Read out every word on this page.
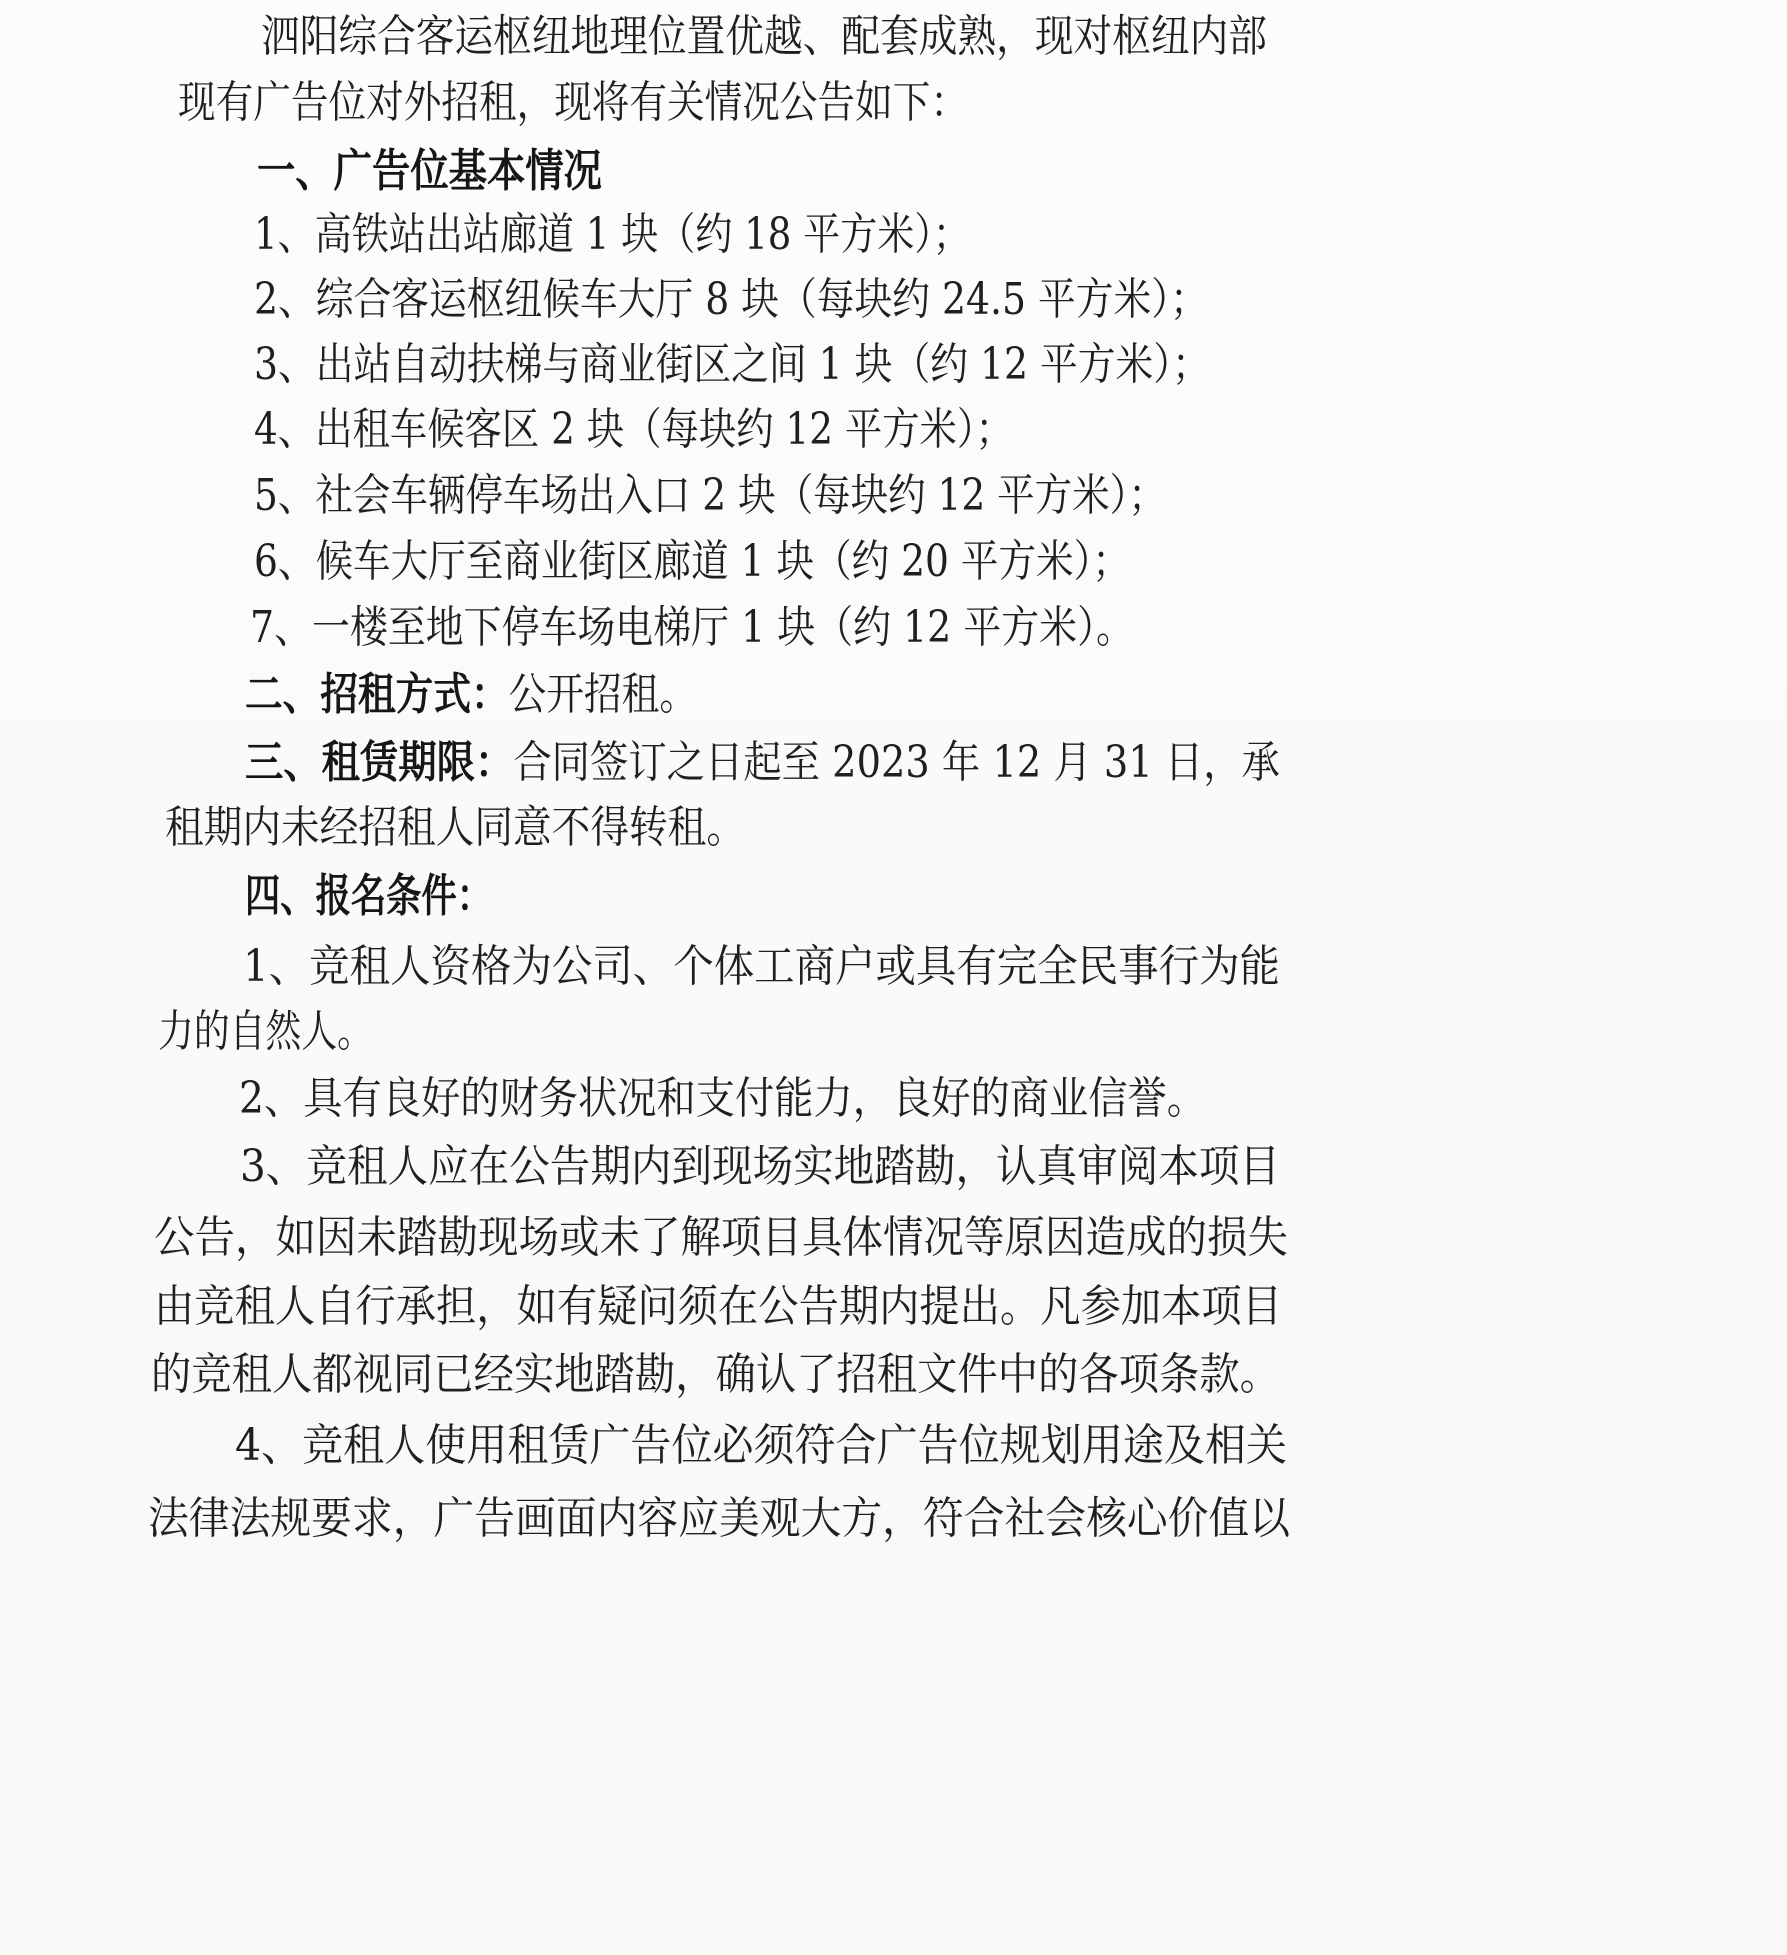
泗阳综合客运枢纽地理位置优越、配套成熟，现对枢纽内部
现有广告位对外招租，现将有关情况公告如下：
一、广告位基本情况
1、高铁站出站廊道 1 块（约 18 平方米）；
2、综合客运枢纽候车大厅 8 块（每块约 24.5 平方米）；
3、出站自动扶梯与商业街区之间 1 块（约 12 平方米）；
4、出租车候客区 2 块（每块约 12 平方米）；
5、社会车辆停车场出入口 2 块（每块约 12 平方米）；
6、候车大厅至商业街区廊道 1 块（约 20 平方米）；
7、一楼至地下停车场电梯厅 1 块（约 12 平方米）。
二、招租方式：公开招租。
三、租赁期限：合同签订之日起至 2023 年 12 月 31 日，承
租期内未经招租人同意不得转租。
四、报名条件：
1、竞租人资格为公司、个体工商户或具有完全民事行为能
力的自然人。
2、具有良好的财务状况和支付能力，良好的商业信誉。
3、竞租人应在公告期内到现场实地踏勘，认真审阅本项目
公告，如因未踏勘现场或未了解项目具体情况等原因造成的损失
由竞租人自行承担，如有疑问须在公告期内提出。凡参加本项目
的竞租人都视同已经实地踏勘，确认了招租文件中的各项条款。
4、竞租人使用租赁广告位必须符合广告位规划用途及相关
法律法规要求，广告画面内容应美观大方，符合社会核心价值以
